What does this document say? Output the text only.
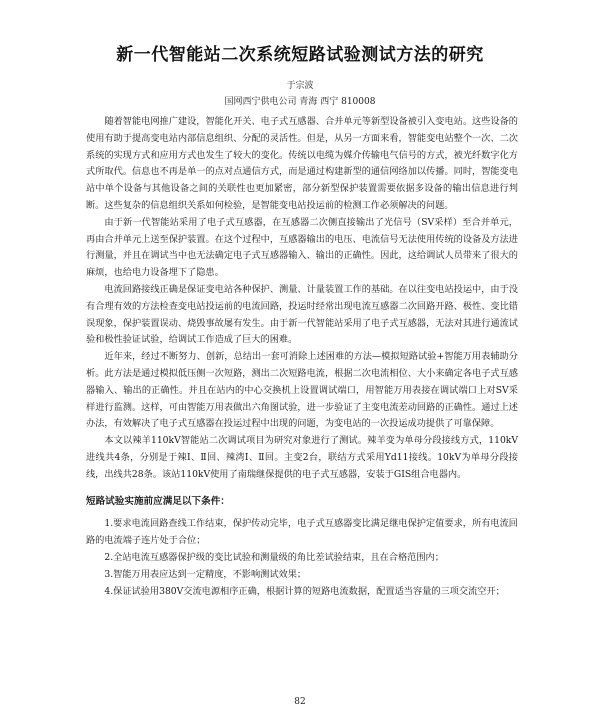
新一代智能站二次系统短路试验测试方法的研究
于宗波
国网西宁供电公司 青海 西宁 810008

随着智能电网推广建设，智能化开关、电子式互感器、合并单元等新型设备被引入变电站。这些设备的使用有助于提高变电站内部信息组织、分配的灵活性。但是，从另一方面来看，智能变电站整个一次、二次系统的实现方式和应用方式也发生了较大的变化。传统以电缆为媒介传输电气信号的方式，被光纤数字化方式所取代。信息也不再是单一的点对点通信方式，而是通过构建新型的通信网络加以传播。同时，智能变电站中单个设备与其他设备之间的关联性也更加紧密，部分新型保护装置需要依据多设备的输出信息进行判断。这些复杂的信息组织关系如何检验，是智能变电站投运前的检测工作必须解决的问题。

由于新一代智能站采用了电子式互感器，在互感器二次侧直接输出了光信号（SV采样）至合并单元，再由合并单元上送至保护装置。在这个过程中，互感器输出的电压、电流信号无法使用传统的设备及方法进行测量，并且在调试当中也无法确定电子式互感器输入、输出的正确性。因此，这给调试人员带来了很大的麻烦，也给电力设备埋下了隐患。

电流回路接线正确是保证变电站各种保护、测量、计量装置工作的基础。在以往变电站投运中，由于没有合理有效的方法检查变电站投运前的电流回路，投运时经常出现电流互感器二次回路开路、极性、变比错误现象，保护装置误动、烧毁事故屡有发生。由于新一代智能站采用了电子式互感器，无法对其进行通流试验和极性验证试验，给调试工作造成了巨大的困难。

近年来，经过不断努力、创新，总结出一套可消除上述困难的方法—模拟短路试验+智能万用表辅助分析。此方法是通过模拟低压侧一次短路，测出二次短路电流，根据二次电流相位、大小来确定各电子式互感器输入、输出的正确性。并且在站内的中心交换机上设置调试端口，用智能万用表接在调试端口上对SV采样进行监测。这样，可由智能万用表做出六角图试验，进一步验证了主变电流差动回路的正确性。通过上述办法，有效解决了电子式互感器在投运过程中出现的问题，为变电站的一次投运成功提供了可靠保障。

本文以辣羊110kV智能站二次调试项目为研究对象进行了测试。辣羊变为单母分段接线方式，110kV进线共4条，分别是于辣Ⅰ、Ⅱ回、辣湾Ⅰ、Ⅱ回。主变2台，联结方式采用Yd11接线。10kV为单母分段接线，出线共28条。该站110kV使用了南瑞继保提供的电子式互感器，安装于GIS组合电器内。

短路试验实施前应满足以下条件：

1.要求电流回路查线工作结束，保护传动完毕，电子式互感器变比满足继电保护定值要求，所有电流回路的电流端子连片处于合位；

2.全站电流互感器保护级的变比试验和测量级的角比差试验结束，且在合格范围内；

3.智能万用表应达到一定精度，不影响测试效果；

4.保证试验用380V交流电源相序正确，根据计算的短路电流数据，配置适当容量的三项交流空开；

82
